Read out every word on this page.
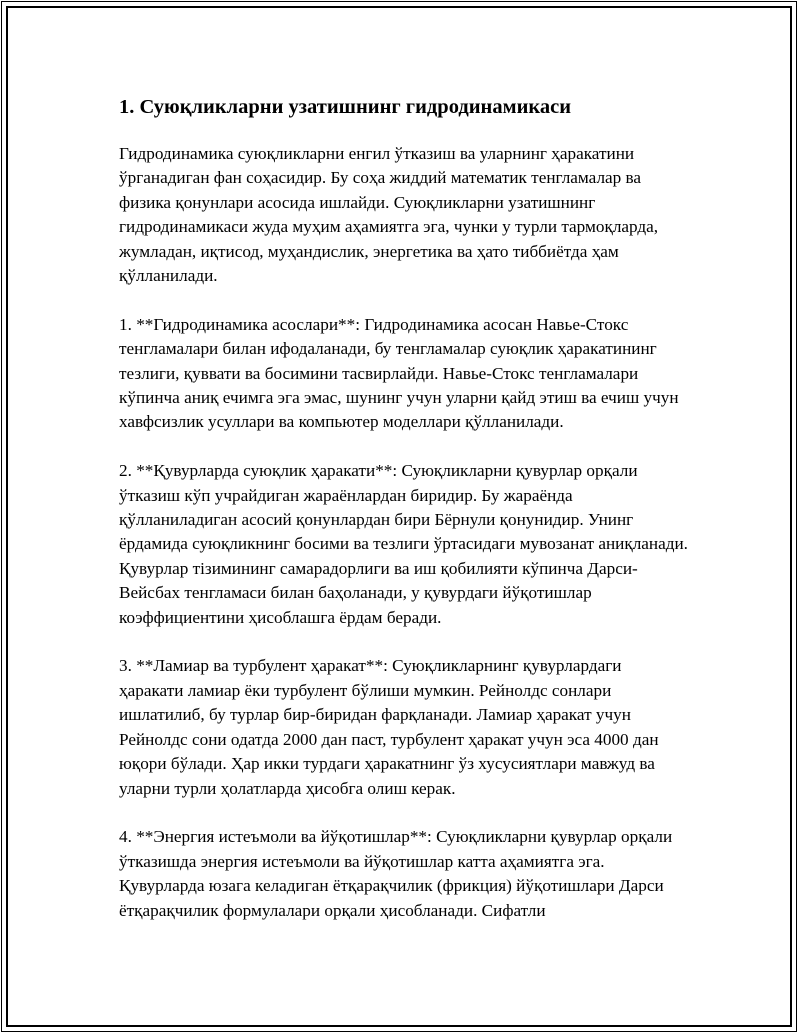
1. Суюқликларни узатишнинг гидродинамикаси

Гидродинамика суюқликларни енгил ўтказиш ва уларнинг ҳаракатини ўрганадиган фан соҳасидир. Бу соҳа жиддий математик тенгламалар ва физика қонунлари асосида ишлайди. Суюқликларни узатишнинг гидродинамикаси жуда муҳим аҳамиятга эга, чунки у турли тармоқларда, жумладан, иқтисод, муҳандислик, энергетика ва ҳато тиббиётда ҳам қўлланилади.

1. **Гидродинамика асослари**: Гидродинамика асосан Навье-Стокс тенгламалари билан ифодаланади, бу тенгламалар суюқлик ҳаракатининг тезлиги, қуввати ва босимини тасвирлайди. Навье-Стокс тенгламалари кўпинча аниқ ечимга эга эмас, шунинг учун уларни қайд этиш ва ечиш учун хавфсизлик усуллари ва компьютер моделлари қўлланилади.

2. **Қувурларда суюқлик ҳаракати**: Суюқликларни қувурлар орқали ўтказиш кўп учрайдиган жараёнлардан биридир. Бу жараёнда қўлланиладиган асосий қонунлардан бири Бёрнули қонунидир. Унинг ёрдамида суюқликнинг босими ва тезлиги ўртасидаги мувозанат аниқланади. Қувурлар тізимининг самарадорлиги ва иш қобилияти кўпинча Дарси-Вейсбах тенгламаси билан баҳоланади, у қувурдаги йўқотишлар коэффициентини ҳисоблашга ёрдам беради.

3. **Ламиар ва турбулент ҳаракат**: Суюқликларнинг қувурлардаги ҳаракати ламиар ёки турбулент бўлиши мумкин. Рейнолдс сонлари ишлатилиб, бу турлар бир-биридан фарқланади. Ламиар ҳаракат учун Рейнолдс сони одатда 2000 дан паст, турбулент ҳаракат учун эса 4000 дан юқори бўлади. Ҳар икки турдаги ҳаракатнинг ўз хусусиятлари мавжуд ва уларни турли ҳолатларда ҳисобга олиш керак.

4. **Энергия истеъмоли ва йўқотишлар**: Суюқликларни қувурлар орқали ўтказишда энергия истеъмоли ва йўқотишлар катта аҳамиятга эга. Қувурларда юзага келадиган ётқарақчилик (фрикция) йўқотишлари Дарси ётқарақчилик формулалари орқали ҳисобланади. Сифатли
